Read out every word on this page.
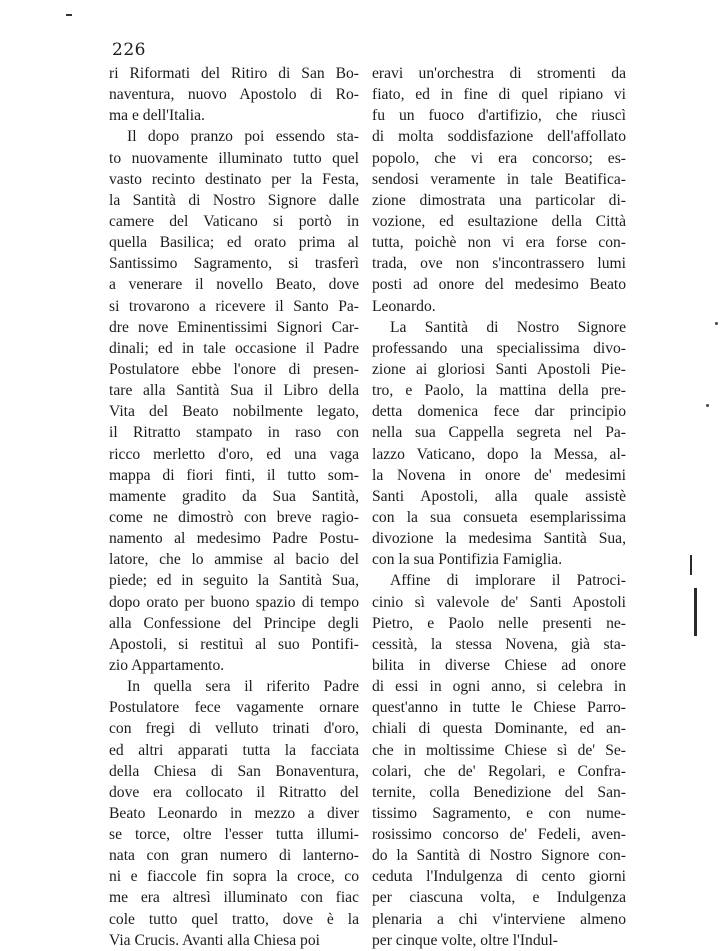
226
ri Riformati del Ritiro di San Bo-
naventura, nuovo Apostolo di Ro-
ma e dell'Italia.
Il dopo pranzo poi essendo sta-
to nuovamente illuminato tutto quel
vasto recinto destinato per la Festa,
la Santità di Nostro Signore dalle
camere del Vaticano si portò in
quella Basilica; ed orato prima al
Santissimo Sagramento, si trasferì
a venerare il novello Beato, dove
si trovarono a ricevere il Santo Pa-
dre nove Eminentissimi Signori Car-
dinali; ed in tale occasione il Padre
Postulatore ebbe l'onore di presen-
tare alla Santità Sua il Libro della
Vita del Beato nobilmente legato,
il Ritratto stampato in raso con
ricco merletto d'oro, ed una vaga
mappa di fiori finti, il tutto som-
mamente gradito da Sua Santità,
come ne dimostrò con breve ragio-
namento al medesimo Padre Postu-
latore, che lo ammise al bacio del
piede; ed in seguito la Santità Sua,
dopo orato per buono spazio di tempo
alla Confessione del Principe degli
Apostoli, si restituì al suo Pontifi-
zio Appartamento.
In quella sera il riferito Padre
Postulatore fece vagamente ornare
con fregi di velluto trinati d'oro,
ed altri apparati tutta la facciata
della Chiesa di San Bonaventura,
dove era collocato il Ritratto del
Beato Leonardo in mezzo a diver
se torce, oltre l'esser tutta illumi-
nata con gran numero di lanterno-
ni e fiaccole fin sopra la croce, co
me era altresì illuminato con fiac
cole tutto quel tratto, dove è la
Via Crucis. Avanti alla Chiesa poi
eravi un'orchestra di stromenti da
fiato, ed in fine di quel ripiano vi
fu un fuoco d'artifizio, che riuscì
di molta soddisfazione dell'affollato
popolo, che vi era concorso; es-
sendosi veramente in tale Beatifica-
zione dimostrata una particolar di-
vozione, ed esultazione della Città
tutta, poichè non vi era forse con-
trada, ove non s'incontrassero lumi
posti ad onore del medesimo Beato
Leonardo.
La Santità di Nostro Signore
professando una specialissima divo-
zione ai gloriosi Santi Apostoli Pie-
tro, e Paolo, la mattina della pre-
detta domenica fece dar principio
nella sua Cappella segreta nel Pa-
lazzo Vaticano, dopo la Messa, al-
la Novena in onore de' medesimi
Santi Apostoli, alla quale assistè
con la sua consueta esemplarissima
divozione la medesima Santità Sua,
con la sua Pontifizia Famiglia.
Affine di implorare il Patroci-
cinio sì valevole de' Santi Apostoli
Pietro, e Paolo nelle presenti ne-
cessità, la stessa Novena, già sta-
bilita in diverse Chiese ad onore
di essi in ogni anno, si celebra in
quest'anno in tutte le Chiese Parro-
chiali di questa Dominante, ed an-
che in moltissime Chiese sì de' Se-
colari, che de' Regolari, e Confra-
ternite, colla Benedizione del San-
tissimo Sagramento, e con nume-
rosissimo concorso de' Fedeli, aven-
do la Santità di Nostro Signore con-
ceduta l'Indulgenza di cento giorni
per ciascuna volta, e Indulgenza
plenaria a chi v'interviene almeno
per cinque volte, oltre l'Indul-
